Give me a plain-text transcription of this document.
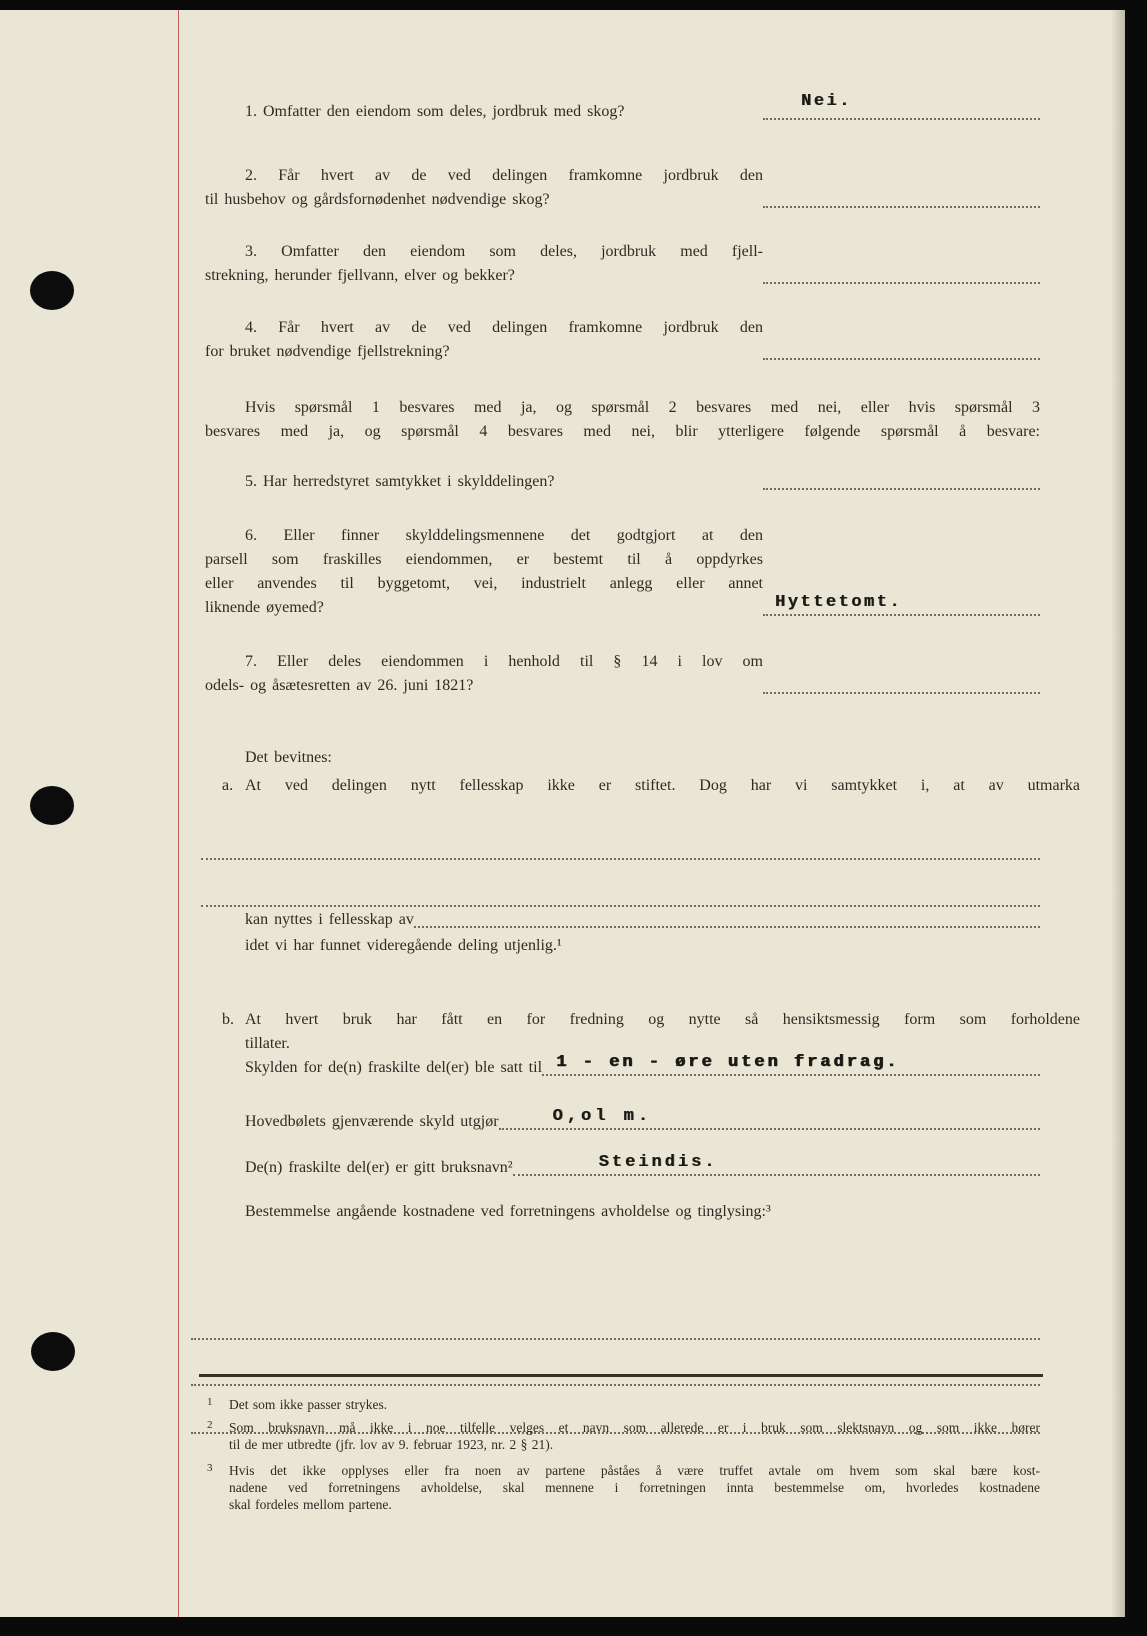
1. Omfatter den eiendom som deles, jordbruk med skog?
Nei.
2. Får hvert av de ved delingen framkomne jordbruk den
til husbehov og gårdsfornødenhet nødvendige skog?
3. Omfatter den eiendom som deles, jordbruk med fjell-
strekning, herunder fjellvann, elver og bekker?
4. Får hvert av de ved delingen framkomne jordbruk den
for bruket nødvendige fjellstrekning?
Hvis spørsmål 1 besvares med ja, og spørsmål 2 besvares med nei, eller hvis spørsmål 3
besvares med ja, og spørsmål 4 besvares med nei, blir ytterligere følgende spørsmål å besvare:
5. Har herredstyret samtykket i skylddelingen?
6. Eller finner skylddelingsmennene det godtgjort at den
parsell som fraskilles eiendommen, er bestemt til å oppdyrkes
eller anvendes til byggetomt, vei, industrielt anlegg eller annet
liknende øyemed?	Hyttetomt.
7. Eller deles eiendommen i henhold til § 14 i lov om
odels- og åsætesretten av 26. juni 1821?
Det bevitnes:
a. At ved delingen nytt fellesskap ikke er stiftet. Dog har vi samtykket i, at av utmarka
kan nyttes i fellesskap av
idet vi har funnet videregående deling utjenlig.¹
b. At hvert bruk har fått en for fredning og nytte så hensiktsmessig form som forholdene
tillater.
Skylden for de(n) fraskilte del(er) ble satt til 1 - en - øre uten fradrag.
Hovedbølets gjenværende skyld utgjør	O,ol m.
De(n) fraskilte del(er) er gitt bruksnavn²	Steindis.
Bestemmelse angående kostnadene ved forretningens avholdelse og tinglysing:³
1 Det som ikke passer strykes.
2 Som bruksnavn må ikke i noe tilfelle velges et navn som allerede er i bruk som slektsnavn og som ikke hører
til de mer utbredte (jfr. lov av 9. februar 1923, nr. 2 § 21).
3 Hvis det ikke opplyses eller fra noen av partene påståes å være truffet avtale om hvem som skal bære kost-
nadene ved forretningens avholdelse, skal mennene i forretningen innta bestemmelse om, hvorledes kostnadene
skal fordeles mellom partene.
